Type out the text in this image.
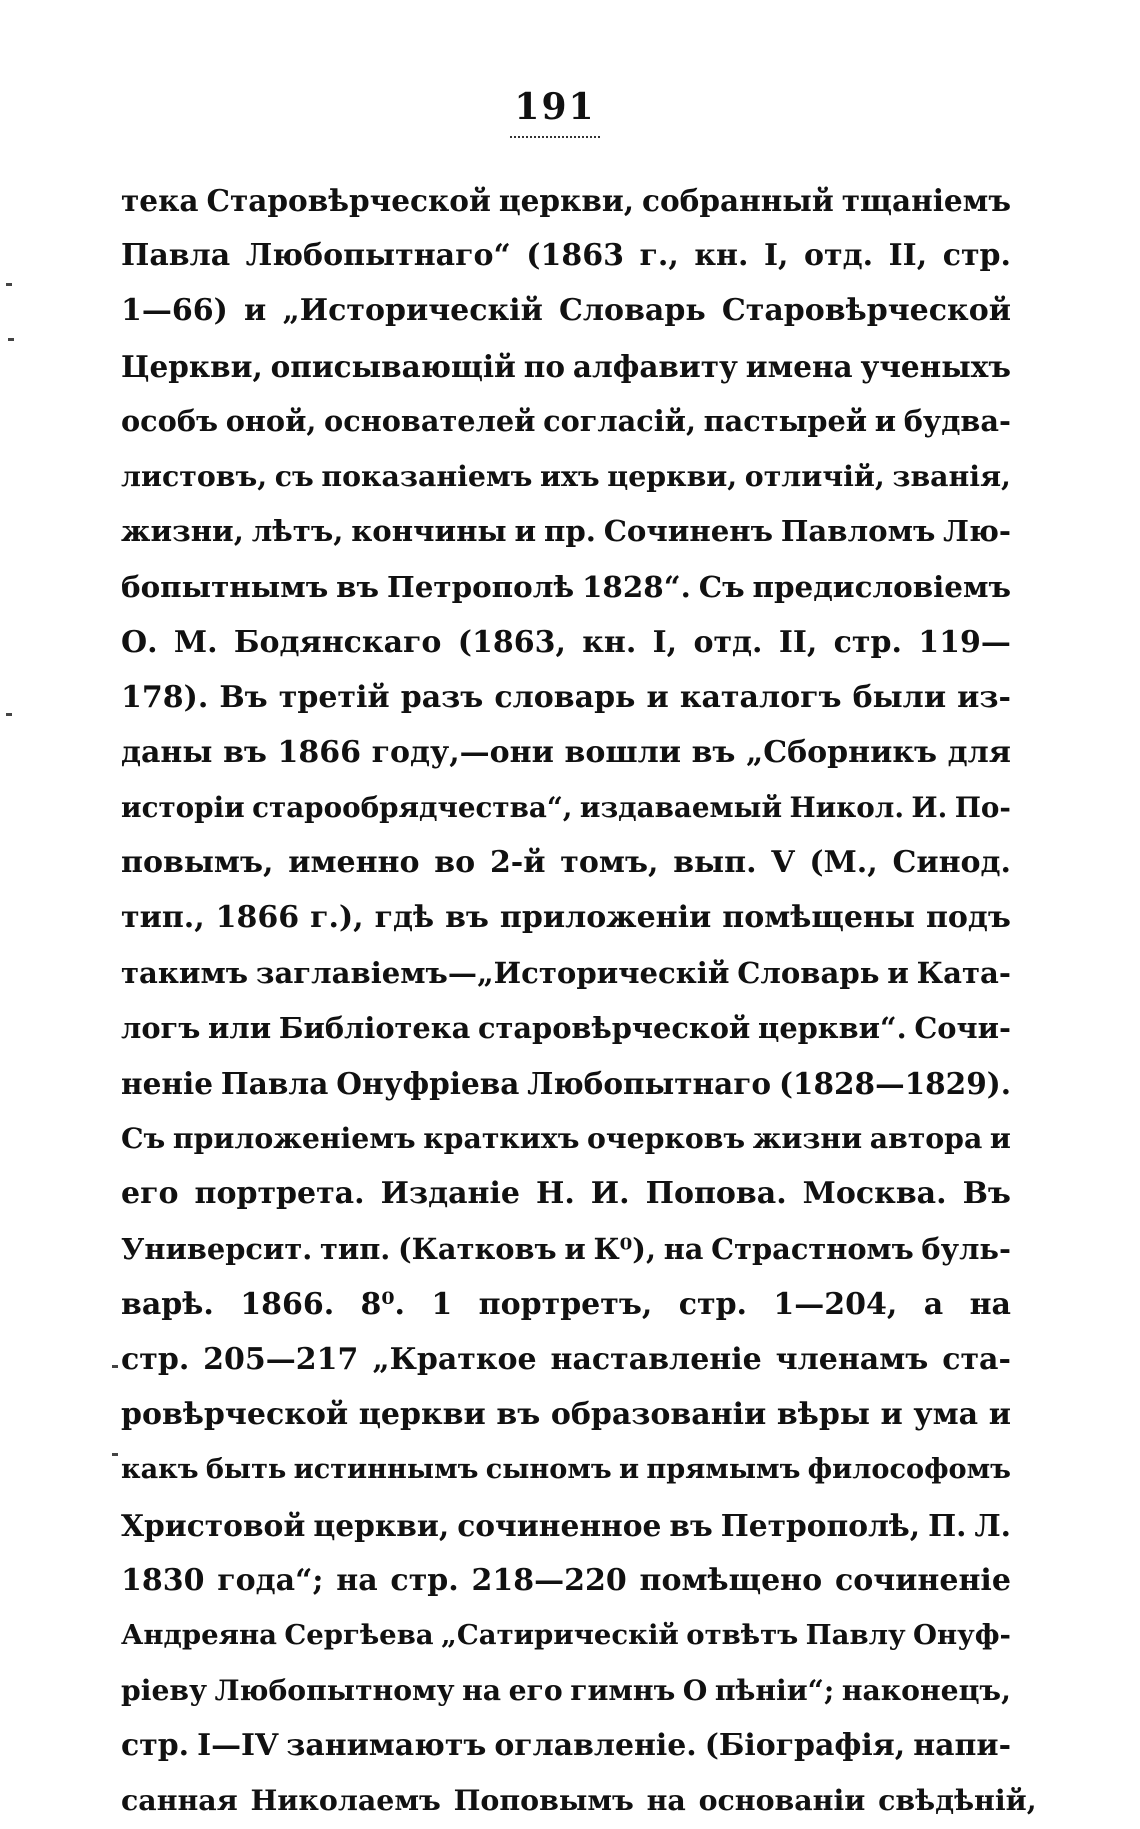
191
тека Старовѣрческой церкви, собранный тщаніемъ
Павла Любопытнаго“ (1863 г., кн. I, отд. II, стр.
1—66) и „Историческій Словарь Старовѣрческой
Церкви, описывающій по алфавиту имена ученыхъ
особъ оной, основателей согласій, пастырей и будва-
листовъ, съ показаніемъ ихъ церкви, отличій, званія,
жизни, лѣтъ, кончины и пр. Сочиненъ Павломъ Лю-
бопытнымъ въ Петрополѣ 1828“. Съ предисловіемъ
О. М. Бодянскаго (1863, кн. I, отд. II, стр. 119—
178). Въ третій разъ словарь и каталогъ были из-
даны въ 1866 году,—они вошли въ „Сборникъ для
исторіи старообрядчества“, издаваемый Никол. И. По-
повымъ, именно во 2-й томъ, вып. V (М., Синод.
тип., 1866 г.), гдѣ въ приложеніи помѣщены подъ
такимъ заглавіемъ—„Историческій Словарь и Ката-
логъ или Библіотека старовѣрческой церкви“. Сочи-
неніе Павла Онуфріева Любопытнаго (1828—1829).
Съ приложеніемъ краткихъ очерковъ жизни автора и
его портрета. Изданіе Н. И. Попова. Москва. Въ
Университ. тип. (Катковъ и К⁰), на Страстномъ буль-
варѣ. 1866. 8⁰. 1 портретъ, стр. 1—204, а на
стр. 205—217 „Краткое наставленіе членамъ ста-
ровѣрческой церкви въ образованіи вѣры и ума и
какъ быть истиннымъ сыномъ и прямымъ философомъ
Христовой церкви, сочиненное въ Петрополѣ, П. Л.
1830 года“; на стр. 218—220 помѣщено сочиненіе
Андреяна Сергѣева „Сатирическій отвѣтъ Павлу Онуф-
ріеву Любопытному на его гимнъ О пѣніи“; наконецъ,
стр. I—IV занимаютъ оглавленіе. (Біографія, напи-
санная Николаемъ Поповымъ на основаніи свѣдѣній,
